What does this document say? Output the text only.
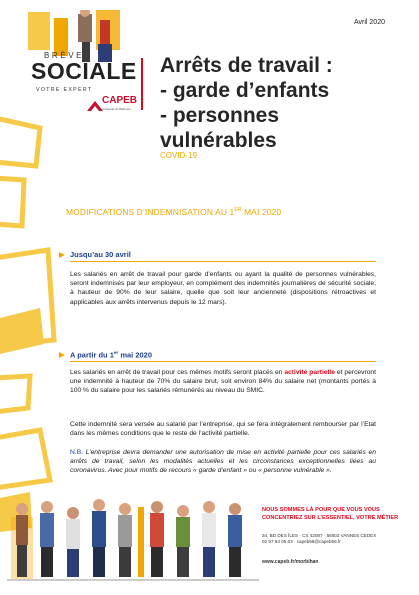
Avril 2020
BRÈVE
SOCIALE
VOTRE EXPERT
CAPEB
L'Artisanat du Bâtiment
Arrêts de travail :
- garde d’enfants
- personnes
vulnérables
COVID-19
MODIFICATIONS D’INDEMNISATION AU 1ER MAI 2020
Jusqu’au 30 avril
Les salariés en arrêt de travail pour garde d’enfants ou ayant la qualité de personnes vulnérables, seront indemnisés par leur employeur, en complément des indemnités journalières de sécurité sociale, à hauteur de 90% de leur salaire, quelle que soit leur ancienneté (dispositions rétroactives et applicables aux arrêts intervenus depuis le 12 mars).
A partir du 1er mai 2020
Les salariés en arrêt de travail pour ces mêmes motifs seront placés en activité partielle et percevront une indemnité à hauteur de 70% du salaire brut, soit environ 84% du salaire net (montants portés à 100 % du salaire pour les salariés rémunérés au niveau du SMIC.
Cette indemnité sera versée au salarié par l’entreprise, qui se fera intégralement rembourser par l’Etat dans les mêmes conditions que le reste de l’activité partielle.
N.B. L’entreprise devra demander une autorisation de mise en activité partielle pour ces salariés en arrêts de travail, selon les modalités actuelles et les circonstances exceptionnelles liées au coronavirus. Avec pour motifs de recours « garde d’enfant » ou « personne vulnérable ».
NOUS SOMMES LÀ POUR QUE VOUS VOUS
CONCENTRIEZ SUR L’ESSENTIEL, VOTRE MÉTIER
34, BD DES ÎLES · CS 42087 · 56003 VANNES CEDEX
02 97 63 05 63 · capeb56@capeb56.fr
www.capeb.fr/morbihan
